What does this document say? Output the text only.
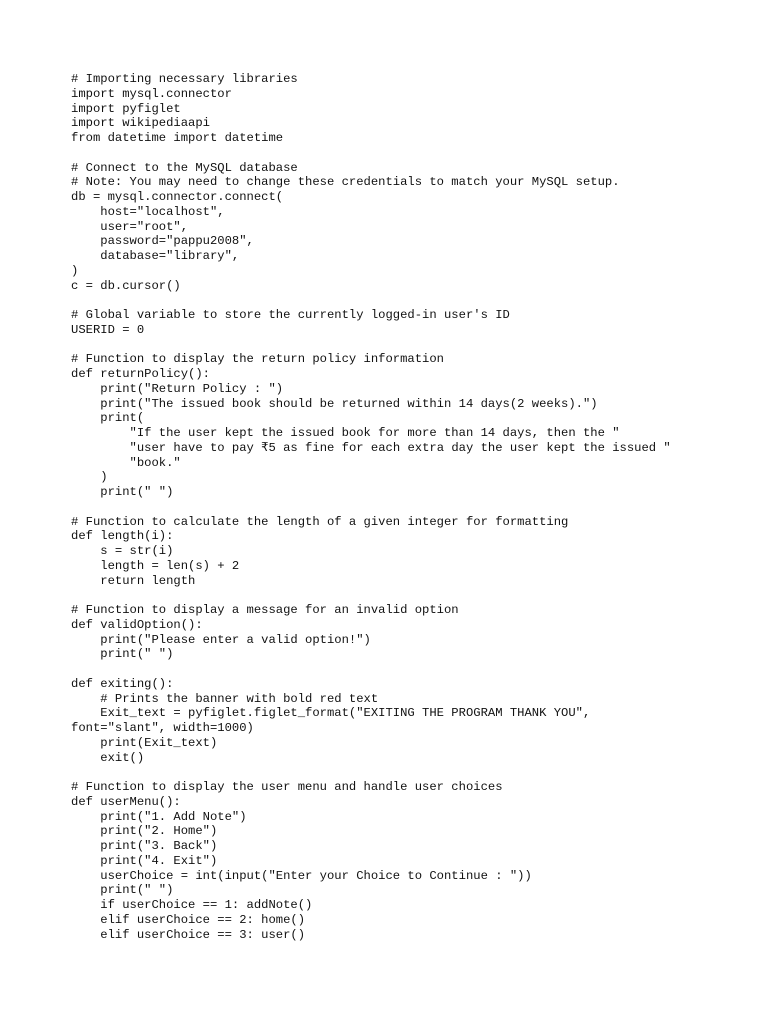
# Importing necessary libraries
import mysql.connector
import pyfiglet
import wikipediaapi
from datetime import datetime

# Connect to the MySQL database
# Note: You may need to change these credentials to match your MySQL setup.
db = mysql.connector.connect(
host="localhost",
user="root",
password="pappu2008",
database="library",
)
c = db.cursor()

# Global variable to store the currently logged-in user's ID
USERID = 0

# Function to display the return policy information
def returnPolicy():
print("Return Policy : ")
print("The issued book should be returned within 14 days(2 weeks).")
print(
"If the user kept the issued book for more than 14 days, then the "
"user have to pay ₹5 as fine for each extra day the user kept the issued "
"book."
)
print(" ")

# Function to calculate the length of a given integer for formatting
def length(i):
s = str(i)
length = len(s) + 2
return length

# Function to display a message for an invalid option
def validOption():
print("Please enter a valid option!")
print(" ")

def exiting():
# Prints the banner with bold red text
Exit_text = pyfiglet.figlet_format("EXITING THE PROGRAM THANK YOU",
font="slant", width=1000)
print(Exit_text)
exit()

# Function to display the user menu and handle user choices
def userMenu():
print("1. Add Note")
print("2. Home")
print("3. Back")
print("4. Exit")
userChoice = int(input("Enter your Choice to Continue : "))
print(" ")
if userChoice == 1: addNote()
elif userChoice == 2: home()
elif userChoice == 3: user()
